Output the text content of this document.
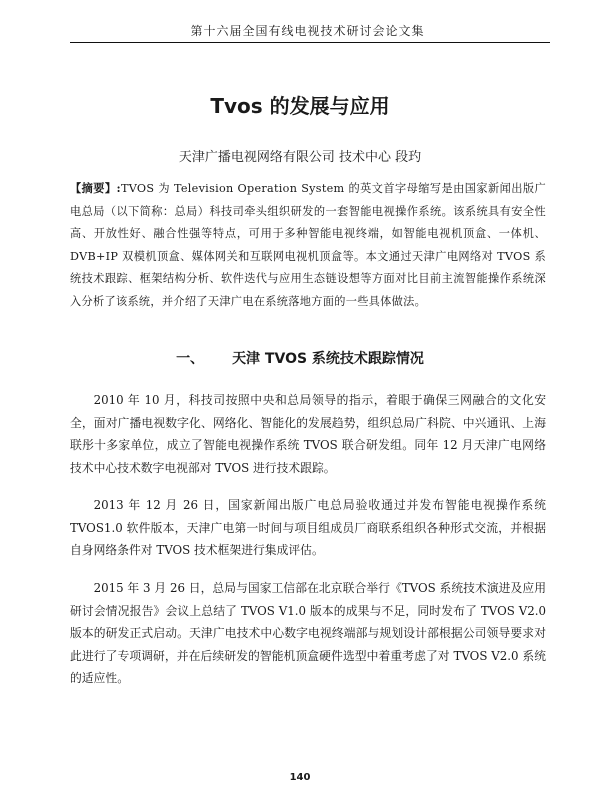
第十六届全国有线电视技术研讨会论文集
Tvos 的发展与应用
天津广播电视网络有限公司 技术中心 段玓

【摘要】:TVOS 为 Television Operation System 的英文首字母缩写是由国家新闻出版广电总局（以下简称：总局）科技司牵头组织研发的一套智能电视操作系统。该系统具有安全性高、开放性好、融合性强等特点，可用于多种智能电视终端，如智能电视机顶盒、一体机、DVB+IP 双模机顶盒、媒体网关和互联网电视机顶盒等。本文通过天津广电网络对 TVOS 系统技术跟踪、框架结构分析、软件迭代与应用生态链设想等方面对比目前主流智能操作系统深入分析了该系统，并介绍了天津广电在系统落地方面的一些具体做法。

一、 天津 TVOS 系统技术跟踪情况

2010 年 10 月，科技司按照中央和总局领导的指示，着眼于确保三网融合的文化安全，面对广播电视数字化、网络化、智能化的发展趋势，组织总局广科院、中兴通讯、上海联彤十多家单位，成立了智能电视操作系统 TVOS 联合研发组。同年 12 月天津广电网络技术中心技术数字电视部对 TVOS 进行技术跟踪。

2013 年 12 月 26 日，国家新闻出版广电总局验收通过并发布智能电视操作系统 TVOS1.0 软件版本，天津广电第一时间与项目组成员厂商联系组织各种形式交流，并根据自身网络条件对 TVOS 技术框架进行集成评估。

2015 年 3 月 26 日，总局与国家工信部在北京联合举行《TVOS 系统技术演进及应用研讨会情况报告》会议上总结了 TVOS V1.0 版本的成果与不足，同时发布了 TVOS V2.0 版本的研发正式启动。天津广电技术中心数字电视终端部与规划设计部根据公司领导要求对此进行了专项调研，并在后续研发的智能机顶盒硬件选型中着重考虑了对 TVOS V2.0 系统的适应性。

140
